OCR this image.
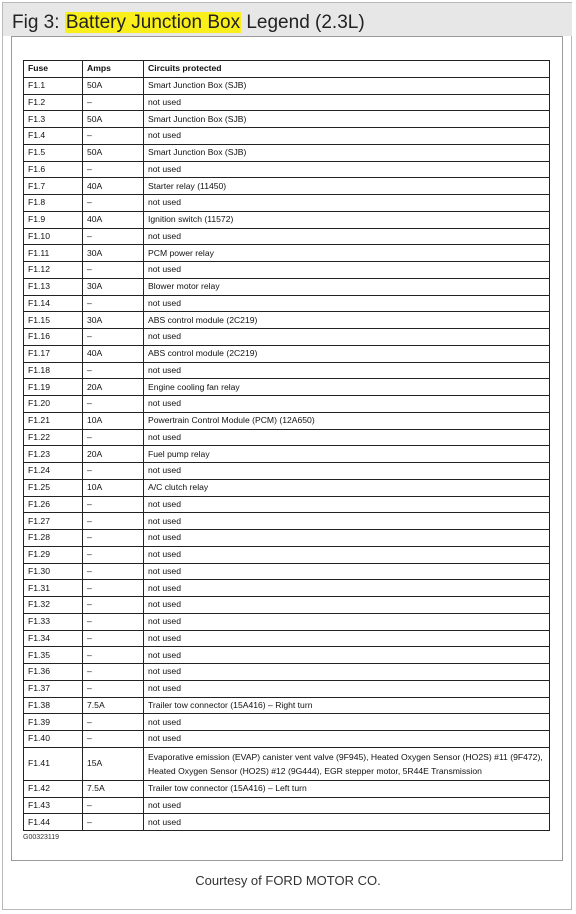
Fig 3: Battery Junction Box Legend (2.3L)
Fuse	Amps	Circuits protected
F1.1	50A	Smart Junction Box (SJB)
F1.2	–	not used
F1.3	50A	Smart Junction Box (SJB)
F1.4	–	not used
F1.5	50A	Smart Junction Box (SJB)
F1.6	–	not used
F1.7	40A	Starter relay (11450)
F1.8	–	not used
F1.9	40A	Ignition switch (11572)
F1.10	–	not used
F1.11	30A	PCM power relay
F1.12	–	not used
F1.13	30A	Blower motor relay
F1.14	–	not used
F1.15	30A	ABS control module (2C219)
F1.16	–	not used
F1.17	40A	ABS control module (2C219)
F1.18	–	not used
F1.19	20A	Engine cooling fan relay
F1.20	–	not used
F1.21	10A	Powertrain Control Module (PCM) (12A650)
F1.22	–	not used
F1.23	20A	Fuel pump relay
F1.24	–	not used
F1.25	10A	A/C clutch relay
F1.26	–	not used
F1.27	–	not used
F1.28	–	not used
F1.29	–	not used
F1.30	–	not used
F1.31	–	not used
F1.32	–	not used
F1.33	–	not used
F1.34	–	not used
F1.35	–	not used
F1.36	–	not used
F1.37	–	not used
F1.38	7.5A	Trailer tow connector (15A416) – Right turn
F1.39	–	not used
F1.40	–	not used
F1.41	15A	Evaporative emission (EVAP) canister vent valve (9F945), Heated Oxygen Sensor (HO2S) #11 (9F472), Heated Oxygen Sensor (HO2S) #12 (9G444), EGR stepper motor, 5R44E Transmission
F1.42	7.5A	Trailer tow connector (15A416) – Left turn
F1.43	–	not used
F1.44	–	not used
G00323119
Courtesy of FORD MOTOR CO.
